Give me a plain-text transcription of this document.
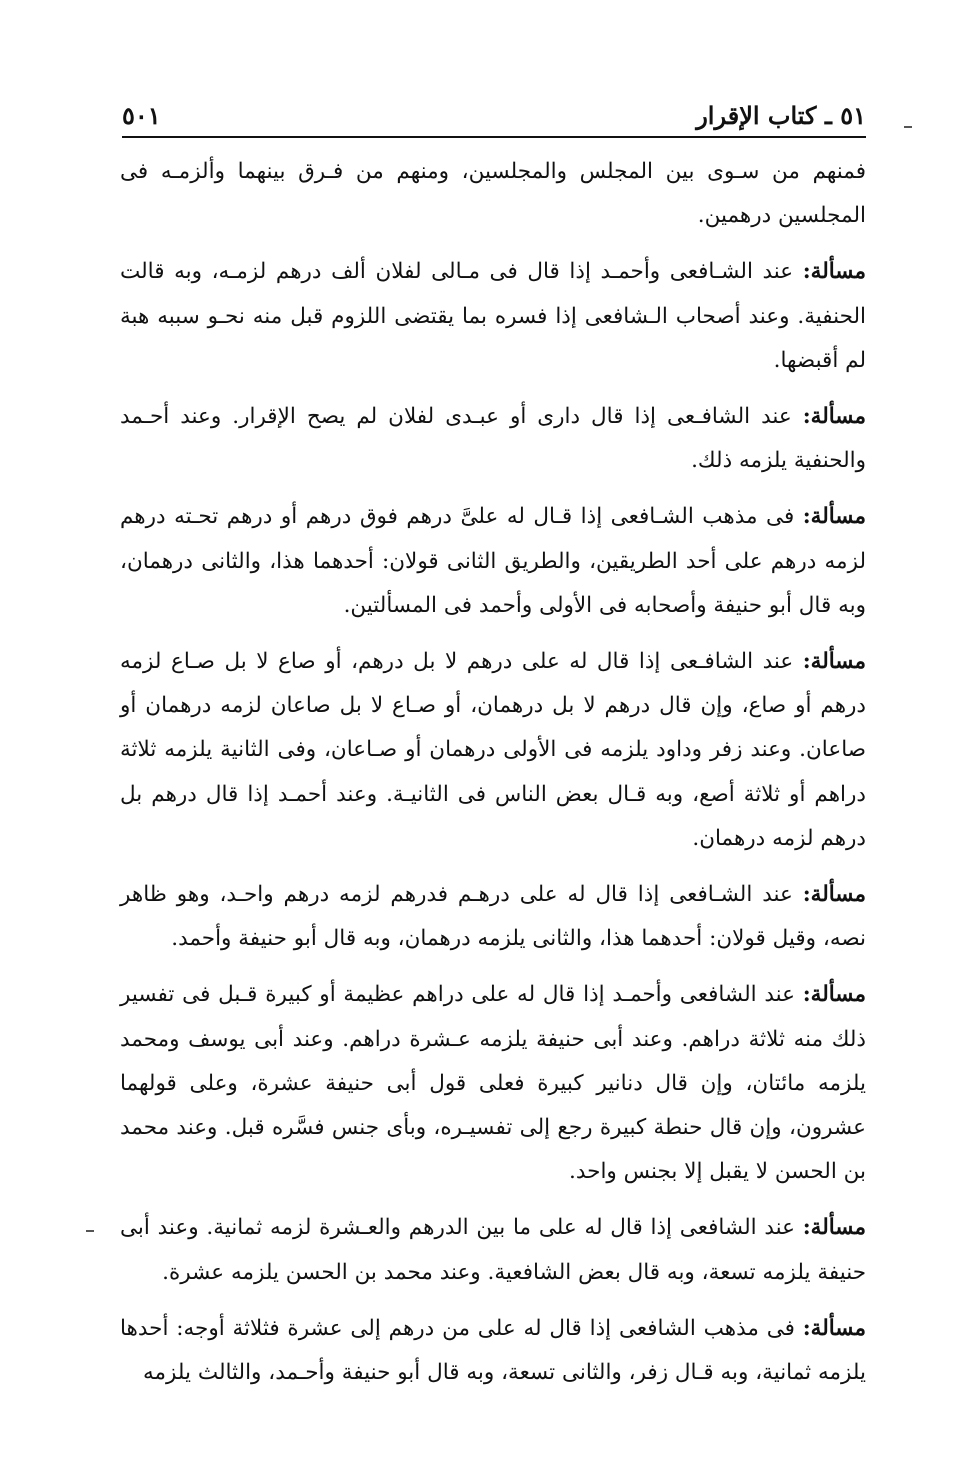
٥١ ـ كتاب الإقرار
٥٠١

فمنهم من سـوى بين المجلس والمجلسين، ومنهم من فـرق بينهما وألزمـه فى المجلسين درهمين.

مسألة: عند الشـافعى وأحمـد إذا قال فى مـالى لفلان ألف درهم لزمـه، وبه قالت الحنفية. وعند أصحاب الـشافعى إذا فسره بما يقتضى اللزوم قبل منه نحـو سببه هبة لم أقبضها.

مسألة: عند الشافـعى إذا قال دارى أو عبـدى لفلان لم يصح الإقرار. وعند أحـمد والحنفية يلزمه ذلك.

مسألة: فى مذهب الشـافعى إذا قـال له علىَّ درهم فوق درهم أو درهم تحـته درهم لزمه درهم على أحد الطريقين، والطريق الثانى قولان: أحدهما هذا، والثانى درهمان، وبه قال أبو حنيفة وأصحابه فى الأولى وأحمد فى المسألتين.

مسألة: عند الشافـعى إذا قال له على درهم لا بل درهم، أو صاع لا بل صـاع لزمه درهم أو صاع، وإن قال درهم لا بل درهمان، أو صـاع لا بل صاعان لزمه درهمان أو صاعان. وعند زفر وداود يلزمه فى الأولى درهمان أو صـاعان، وفى الثانية يلزمه ثلاثة دراهم أو ثلاثة أصع، وبه قـال بعض الناس فى الثانيـة. وعند أحمـد إذا قال درهم بل درهم لزمه درهمان.

مسألة: عند الشـافعى إذا قال له على درهـم فدرهم لزمه درهم واحـد، وهو ظاهر نصه، وقيل قولان: أحدهما هذا، والثانى يلزمه درهمان، وبه قال أبو حنيفة وأحمد.

مسألة: عند الشافعى وأحمـد إذا قال له على دراهم عظيمة أو كبيرة قـبل فى تفسير ذلك منه ثلاثة دراهم. وعند أبى حنيفة يلزمه عـشرة دراهم. وعند أبى يوسف ومحمد يلزمه مائتان، وإن قال دنانير كبيرة فعلى قول أبى حنيفة عشرة، وعلى قولهما عشرون، وإن قال حنطة كبيرة رجع إلى تفسيـره، وبأى جنس فسَّره قبل. وعند محمد بن الحسن لا يقبل إلا بجنس واحد.

مسألة: عند الشافعى إذا قال له على ما بين الدرهم والعـشرة لزمه ثمانية. وعند أبى حنيفة يلزمه تسعة، وبه قال بعض الشافعية. وعند محمد بن الحسن يلزمه عشرة.

مسألة: فى مذهب الشافعى إذا قال له على من درهم إلى عشرة فثلاثة أوجه: أحدها يلزمه ثمانية، وبه قـال زفر، والثانى تسعة، وبه قال أبو حنيفة وأحـمد، والثالث يلزمه
